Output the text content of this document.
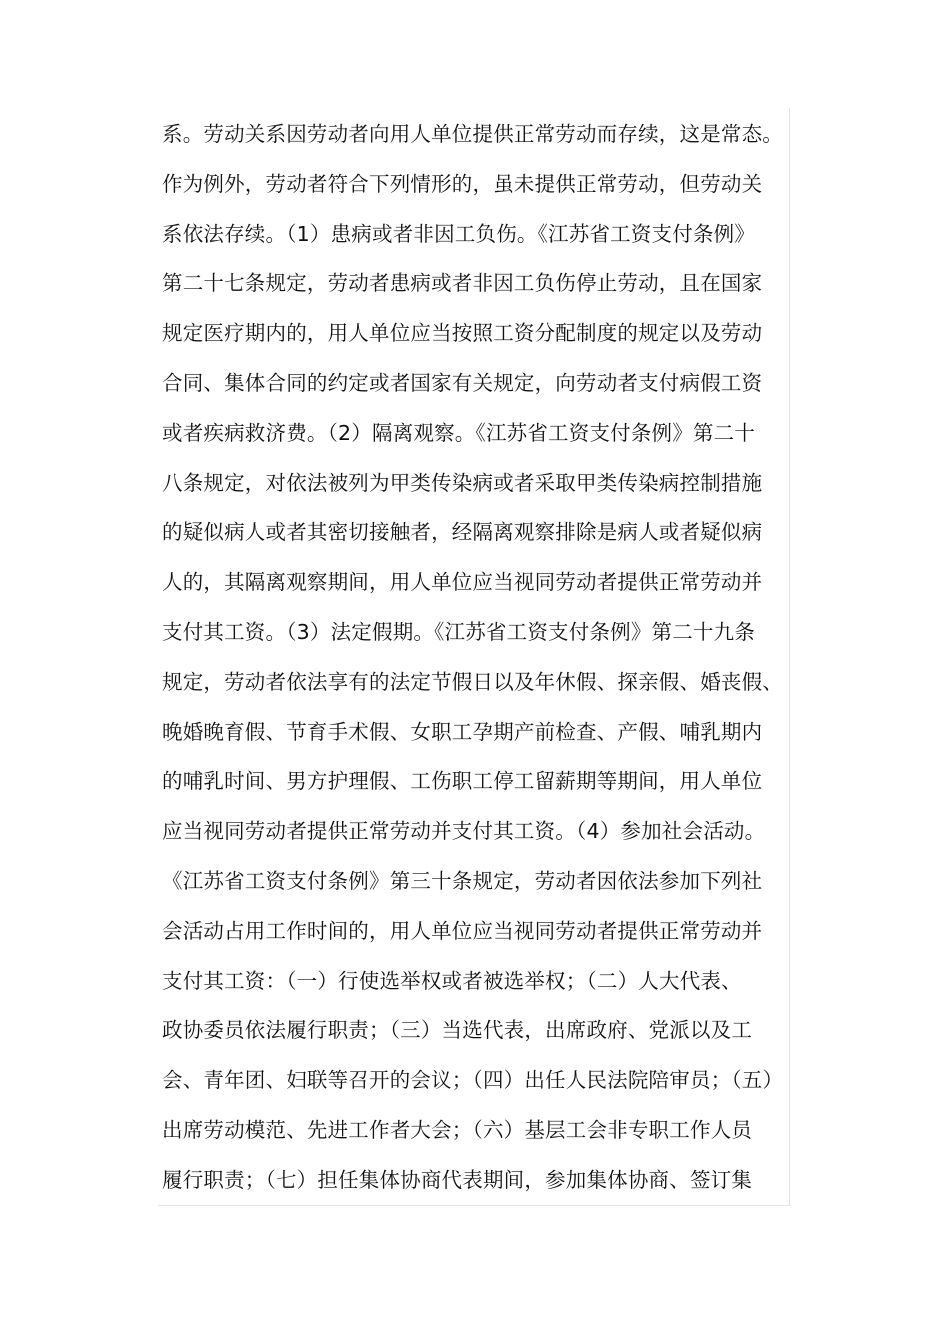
系。劳动关系因劳动者向用人单位提供正常劳动而存续，这是常态。
作为例外，劳动者符合下列情形的，虽未提供正常劳动，但劳动关
系依法存续。（1）患病或者非因工负伤。《江苏省工资支付条例》
第二十七条规定，劳动者患病或者非因工负伤停止劳动，且在国家
规定医疗期内的，用人单位应当按照工资分配制度的规定以及劳动
合同、集体合同的约定或者国家有关规定，向劳动者支付病假工资
或者疾病救济费。（2）隔离观察。《江苏省工资支付条例》第二十
八条规定，对依法被列为甲类传染病或者采取甲类传染病控制措施
的疑似病人或者其密切接触者，经隔离观察排除是病人或者疑似病
人的，其隔离观察期间，用人单位应当视同劳动者提供正常劳动并
支付其工资。（3）法定假期。《江苏省工资支付条例》第二十九条
规定，劳动者依法享有的法定节假日以及年休假、探亲假、婚丧假、
晚婚晚育假、节育手术假、女职工孕期产前检查、产假、哺乳期内
的哺乳时间、男方护理假、工伤职工停工留薪期等期间，用人单位
应当视同劳动者提供正常劳动并支付其工资。（4）参加社会活动。
《江苏省工资支付条例》第三十条规定，劳动者因依法参加下列社
会活动占用工作时间的，用人单位应当视同劳动者提供正常劳动并
支付其工资：（一）行使选举权或者被选举权；（二）人大代表、
政协委员依法履行职责；（三）当选代表，出席政府、党派以及工
会、青年团、妇联等召开的会议；（四）出任人民法院陪审员；（五）
出席劳动模范、先进工作者大会；（六）基层工会非专职工作人员
履行职责；（七）担任集体协商代表期间，参加集体协商、签订集
